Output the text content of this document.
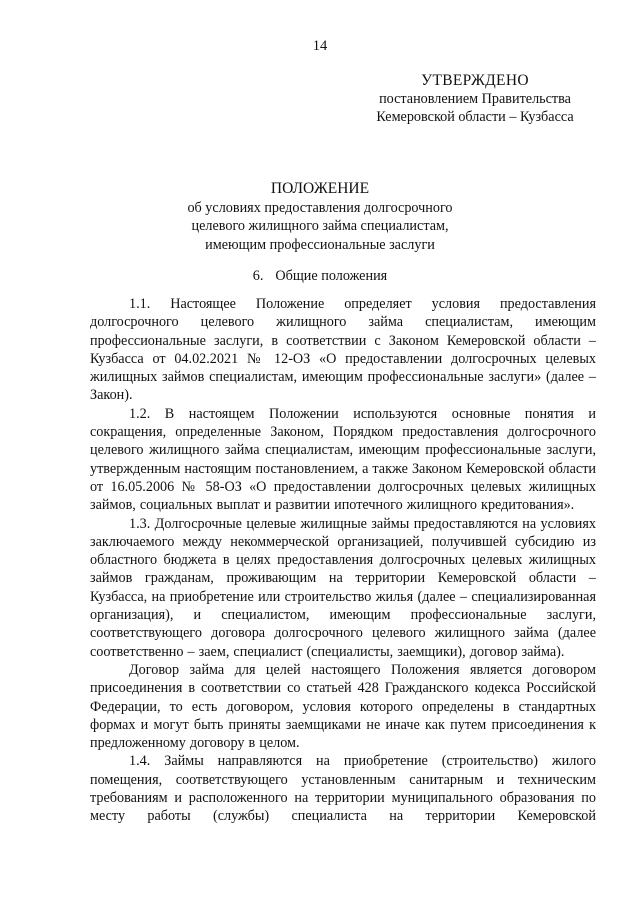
14
УТВЕРЖДЕНО
постановлением Правительства
Кемеровской области – Кузбасса
ПОЛОЖЕНИЕ
об условиях предоставления долгосрочного
целевого жилищного займа специалистам,
имеющим профессиональные заслуги
6. Общие положения

1.1. Настоящее Положение определяет условия предоставления долгосрочного целевого жилищного займа специалистам, имеющим профессиональные заслуги, в соответствии с Законом Кемеровской области – Кузбасса от 04.02.2021 № 12-ОЗ «О предоставлении долгосрочных целевых жилищных займов специалистам, имеющим профессиональные заслуги» (далее – Закон).

1.2. В настоящем Положении используются основные понятия и сокращения, определенные Законом, Порядком предоставления долгосрочного целевого жилищного займа специалистам, имеющим профессиональные заслуги, утвержденным настоящим постановлением, а также Законом Кемеровской области от 16.05.2006 № 58-ОЗ «О предоставлении долгосрочных целевых жилищных займов, социальных выплат и развитии ипотечного жилищного кредитования».

1.3. Долгосрочные целевые жилищные займы предоставляются на условиях заключаемого между некоммерческой организацией, получившей субсидию из областного бюджета в целях предоставления долгосрочных целевых жилищных займов гражданам, проживающим на территории Кемеровской области – Кузбасса, на приобретение или строительство жилья (далее – специализированная организация), и специалистом, имеющим профессиональные заслуги, соответствующего договора долгосрочного целевого жилищного займа (далее соответственно – заем, специалист (специалисты, заемщики), договор займа).

Договор займа для целей настоящего Положения является договором присоединения в соответствии со статьей 428 Гражданского кодекса Российской Федерации, то есть договором, условия которого определены в стандартных формах и могут быть приняты заемщиками не иначе как путем присоединения к предложенному договору в целом.

1.4. Займы направляются на приобретение (строительство) жилого помещения, соответствующего установленным санитарным и техническим требованиям и расположенного на территории муниципального образования по месту работы (службы) специалиста на территории Кемеровской
